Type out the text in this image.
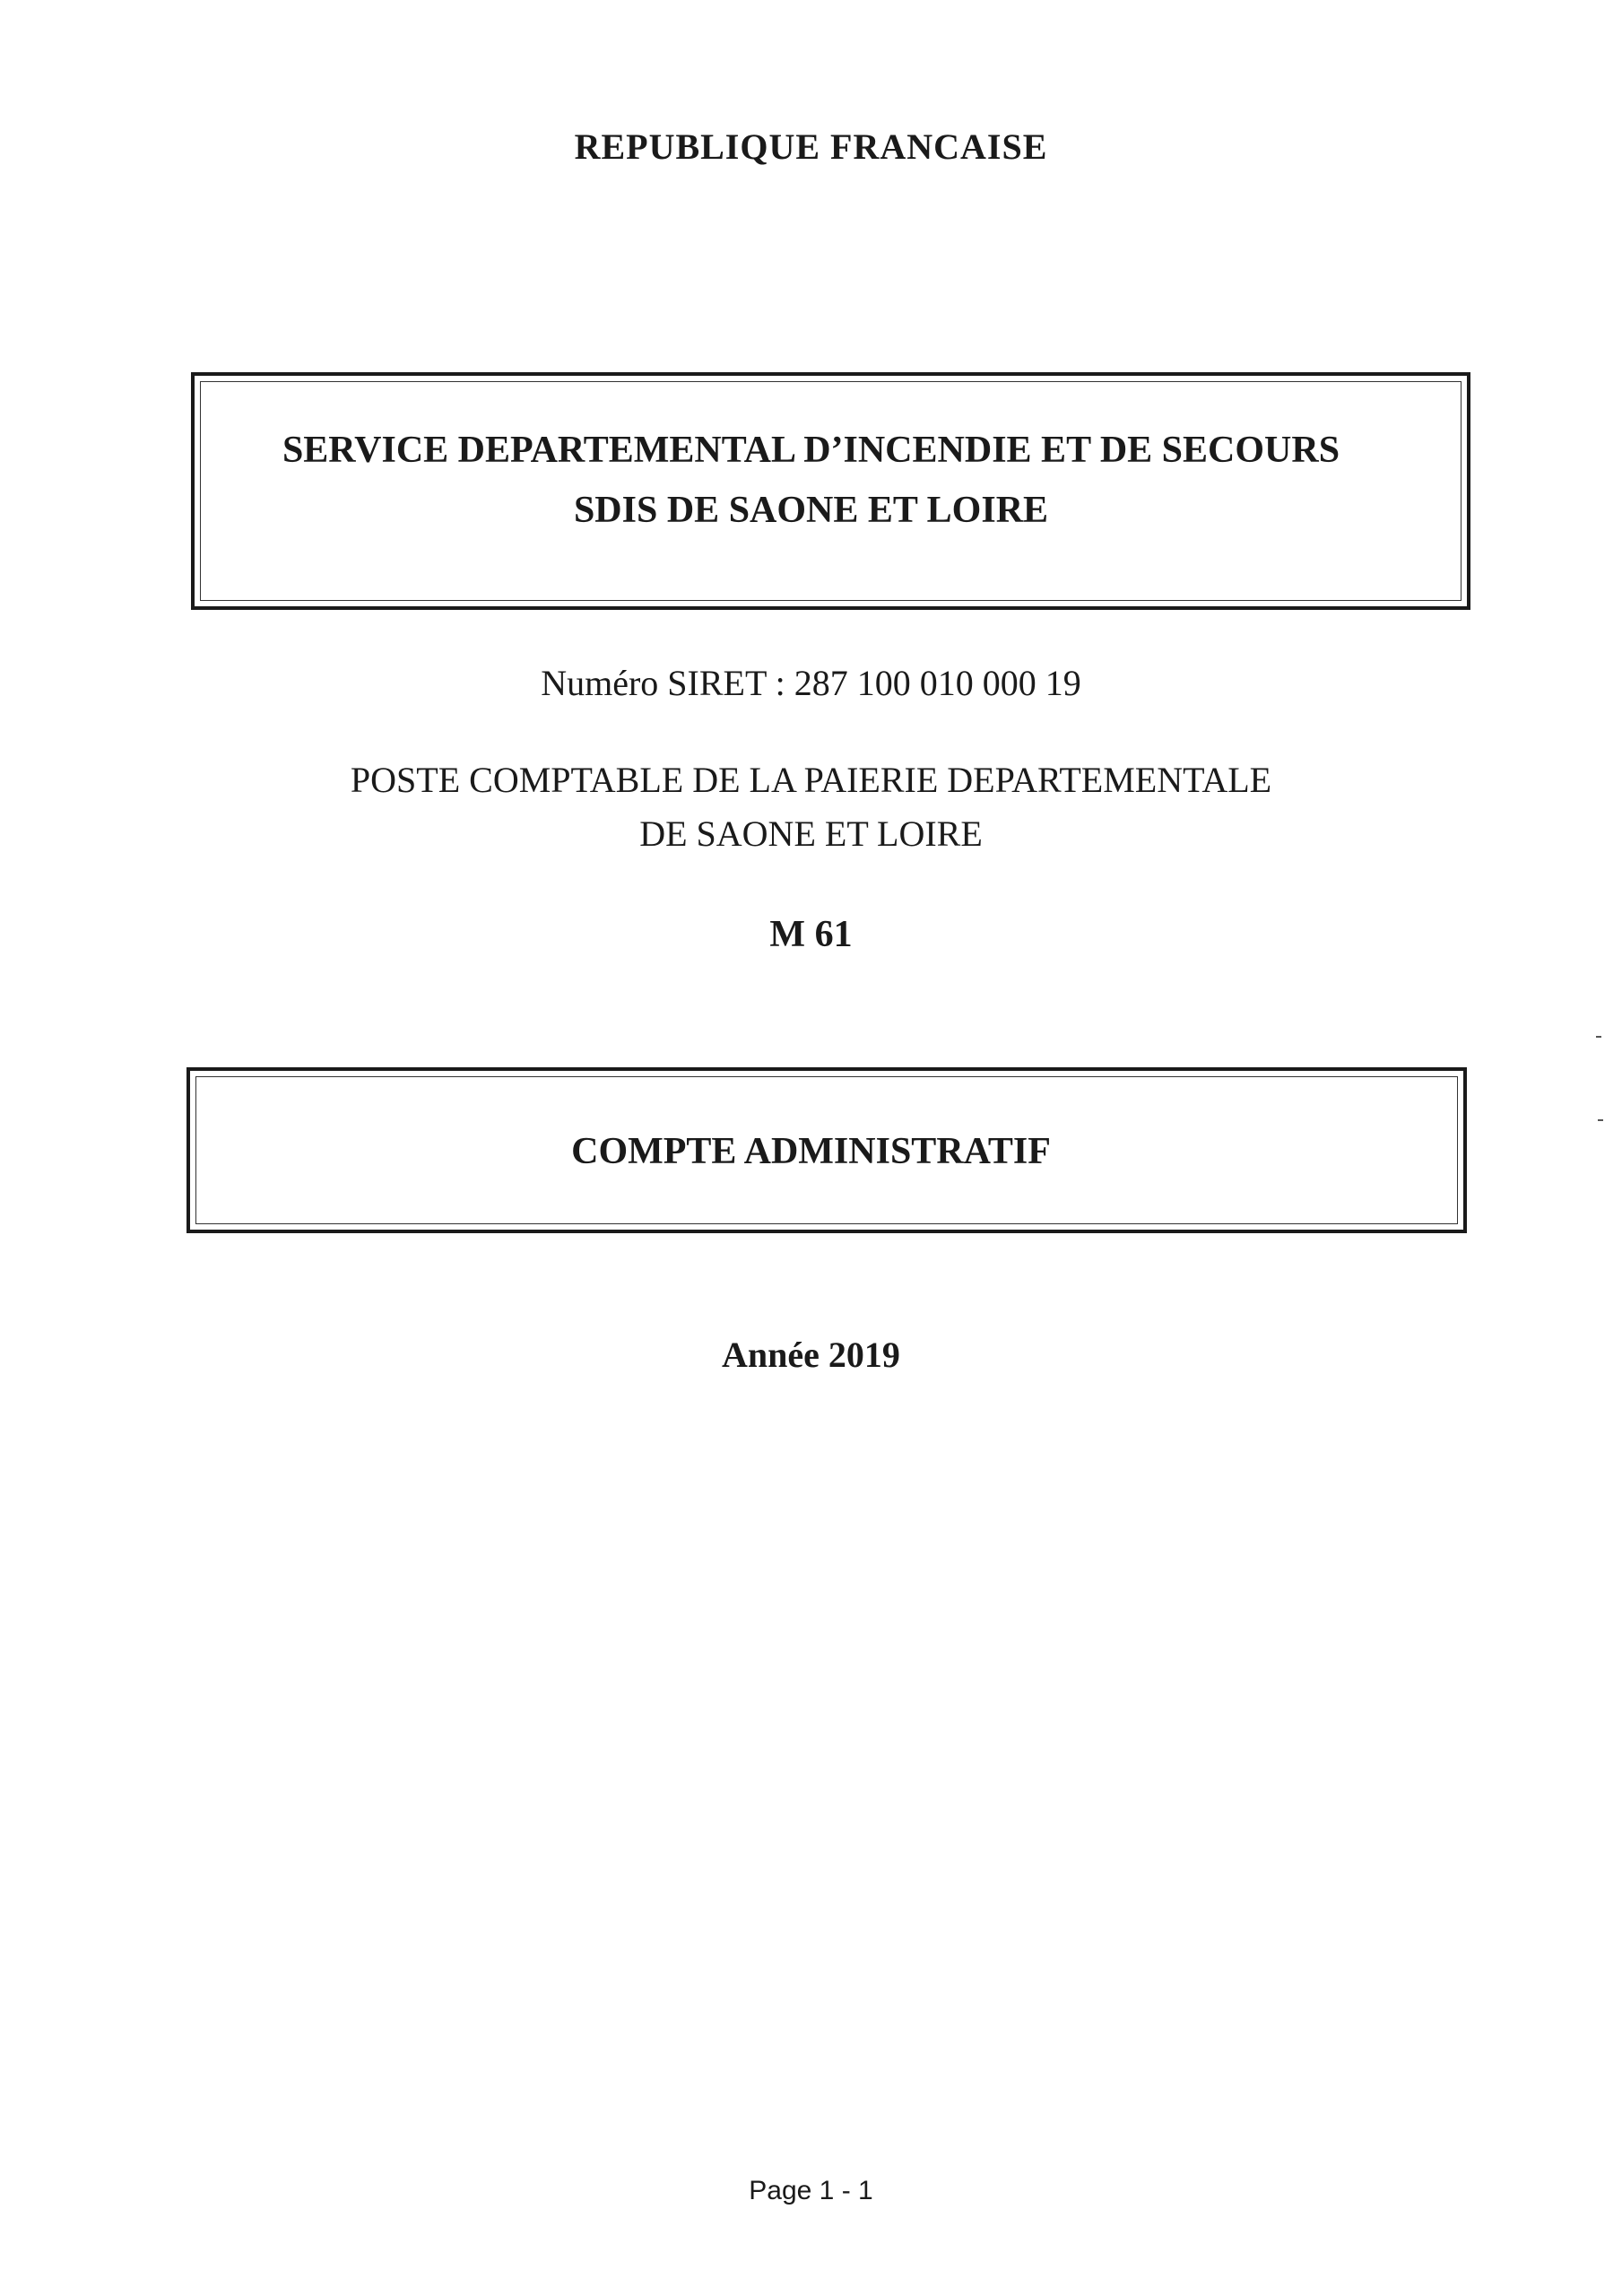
REPUBLIQUE FRANCAISE
SERVICE DEPARTEMENTAL D’INCENDIE ET DE SECOURS
SDIS DE SAONE ET LOIRE
Numéro SIRET : 287 100 010 000 19
POSTE COMPTABLE DE LA PAIERIE DEPARTEMENTALE
DE SAONE ET LOIRE
M 61
COMPTE ADMINISTRATIF
Année 2019
Page 1 - 1
